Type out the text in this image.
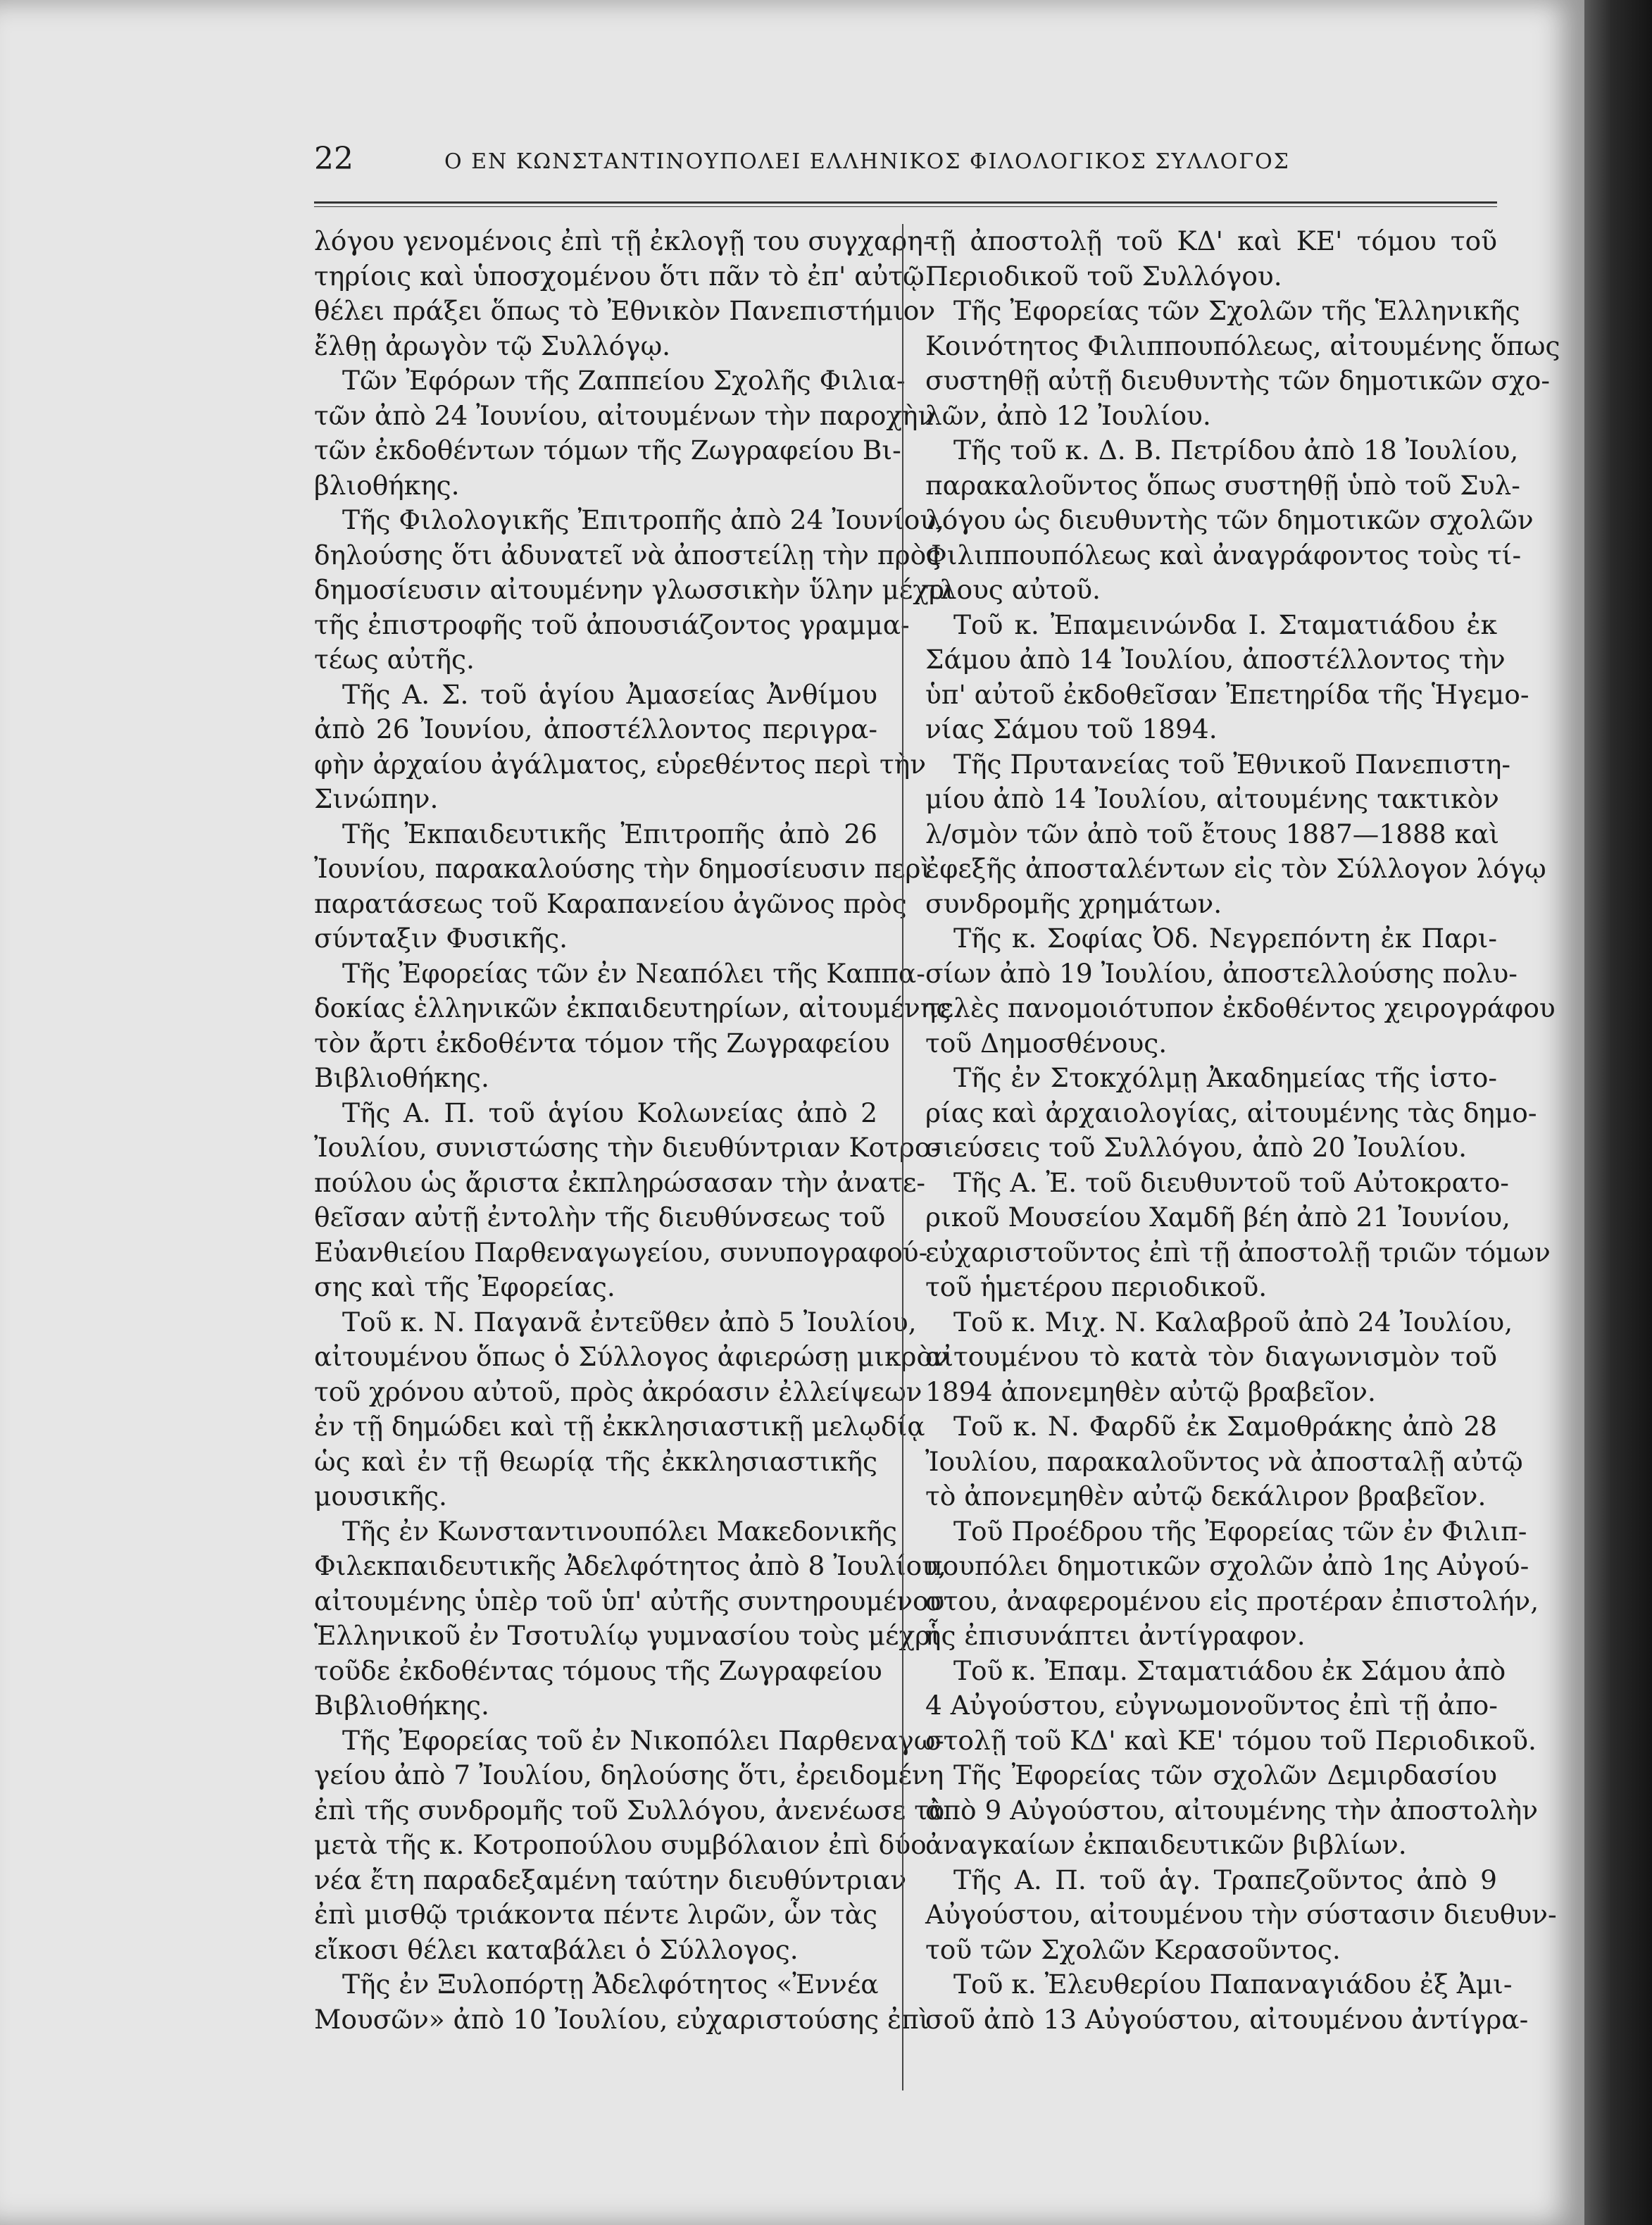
22	Ο ΕΝ ΚΩΝΣΤΑΝΤΙΝΟΥΠΟΛΕΙ ΕΛΛΗΝΙΚΟΣ ΦΙΛΟΛΟΓΙΚΟΣ ΣΥΛΛΟΓΟΣ
λόγου γενομένοις ἐπὶ τῇ ἐκλογῇ του συγχαρη-
τηρίοις καὶ ὑποσχομένου ὅτι πᾶν τὸ ἐπ' αὐτῷ
θέλει πράξει ὅπως τὸ Ἐθνικὸν Πανεπιστήμιον
ἔλθῃ ἀρωγὸν τῷ Συλλόγῳ.
Τῶν Ἐφόρων τῆς Ζαππείου Σχολῆς Φιλια-
τῶν ἀπὸ 24 Ἰουνίου, αἰτουμένων τὴν παροχὴν
τῶν ἐκδοθέντων τόμων τῆς Ζωγραφείου Βι-
βλιοθήκης.
Τῆς Φιλολογικῆς Ἐπιτροπῆς ἀπὸ 24 Ἰουνίου,
δηλούσης ὅτι ἀδυνατεῖ νὰ ἀποστείλῃ τὴν πρὸς
δημοσίευσιν αἰτουμένην γλωσσικὴν ὕλην μέχρι
τῆς ἐπιστροφῆς τοῦ ἀπουσιάζοντος γραμμα-
τέως αὐτῆς.
Τῆς Α. Σ. τοῦ ἁγίου Ἀμασείας Ἀνθίμου
ἀπὸ 26 Ἰουνίου, ἀποστέλλοντος περιγρα-
φὴν ἀρχαίου ἀγάλματος, εὑρεθέντος περὶ τὴν
Σινώπην.
Τῆς Ἐκπαιδευτικῆς Ἐπιτροπῆς ἀπὸ 26
Ἰουνίου, παρακαλούσης τὴν δημοσίευσιν περὶ
παρατάσεως τοῦ Καραπανείου ἀγῶνος πρὸς
σύνταξιν Φυσικῆς.
Τῆς Ἐφορείας τῶν ἐν Νεαπόλει τῆς Καππα-
δοκίας ἑλληνικῶν ἐκπαιδευτηρίων, αἰτουμένης
τὸν ἄρτι ἐκδοθέντα τόμον τῆς Ζωγραφείου
Βιβλιοθήκης.
Τῆς Α. Π. τοῦ ἁγίου Κολωνείας ἀπὸ 2
Ἰουλίου, συνιστώσης τὴν διευθύντριαν Κοτρο-
πούλου ὡς ἄριστα ἐκπληρώσασαν τὴν ἀνατε-
θεῖσαν αὐτῇ ἐντολὴν τῆς διευθύνσεως τοῦ
Εὐανθιείου Παρθεναγωγείου, συνυπογραφού-
σης καὶ τῆς Ἐφορείας.
Τοῦ κ. Ν. Παγανᾶ ἐντεῦθεν ἀπὸ 5 Ἰουλίου,
αἰτουμένου ὅπως ὁ Σύλλογος ἀφιερώσῃ μικρὸν
τοῦ χρόνου αὐτοῦ, πρὸς ἀκρόασιν ἐλλείψεων
ἐν τῇ δημώδει καὶ τῇ ἐκκλησιαστικῇ μελῳδίᾳ
ὡς καὶ ἐν τῇ θεωρίᾳ τῆς ἐκκλησιαστικῆς
μουσικῆς.
Τῆς ἐν Κωνσταντινουπόλει Μακεδονικῆς
Φιλεκπαιδευτικῆς Ἀδελφότητος ἀπὸ 8 Ἰουλίου,
αἰτουμένης ὑπὲρ τοῦ ὑπ' αὐτῆς συντηρουμένου
Ἑλληνικοῦ ἐν Τσοτυλίῳ γυμνασίου τοὺς μέχρι
τοῦδε ἐκδοθέντας τόμους τῆς Ζωγραφείου
Βιβλιοθήκης.
Τῆς Ἐφορείας τοῦ ἐν Νικοπόλει Παρθεναγω-
γείου ἀπὸ 7 Ἰουλίου, δηλούσης ὅτι, ἐρειδομένη
ἐπὶ τῆς συνδρομῆς τοῦ Συλλόγου, ἀνενέωσε τὸ
μετὰ τῆς κ. Κοτροπούλου συμβόλαιον ἐπὶ δύο
νέα ἔτη παραδεξαμένη ταύτην διευθύντριαν
ἐπὶ μισθῷ τριάκοντα πέντε λιρῶν, ὧν τὰς
εἴκοσι θέλει καταβάλει ὁ Σύλλογος.
Τῆς ἐν Ξυλοπόρτῃ Ἀδελφότητος «Ἐννέα
Μουσῶν» ἀπὸ 10 Ἰουλίου, εὐχαριστούσης ἐπὶ
τῇ ἀποστολῇ τοῦ ΚΔ' καὶ ΚΕ' τόμου τοῦ
Περιοδικοῦ τοῦ Συλλόγου.
Τῆς Ἐφορείας τῶν Σχολῶν τῆς Ἑλληνικῆς
Κοινότητος Φιλιππουπόλεως, αἰτουμένης ὅπως
συστηθῇ αὐτῇ διευθυντὴς τῶν δημοτικῶν σχο-
λῶν, ἀπὸ 12 Ἰουλίου.
Τῆς τοῦ κ. Δ. Β. Πετρίδου ἀπὸ 18 Ἰουλίου,
παρακαλοῦντος ὅπως συστηθῇ ὑπὸ τοῦ Συλ-
λόγου ὡς διευθυντὴς τῶν δημοτικῶν σχολῶν
Φιλιππουπόλεως καὶ ἀναγράφοντος τοὺς τί-
τλους αὐτοῦ.
Τοῦ κ. Ἐπαμεινώνδα Ι. Σταματιάδου ἐκ
Σάμου ἀπὸ 14 Ἰουλίου, ἀποστέλλοντος τὴν
ὑπ' αὐτοῦ ἐκδοθεῖσαν Ἐπετηρίδα τῆς Ἡγεμο-
νίας Σάμου τοῦ 1894.
Τῆς Πρυτανείας τοῦ Ἐθνικοῦ Πανεπιστη-
μίου ἀπὸ 14 Ἰουλίου, αἰτουμένης τακτικὸν
λ/σμὸν τῶν ἀπὸ τοῦ ἔτους 1887—1888 καὶ
ἐφεξῆς ἀποσταλέντων εἰς τὸν Σύλλογον λόγῳ
συνδρομῆς χρημάτων.
Τῆς κ. Σοφίας Ὀδ. Νεγρεπόντη ἐκ Παρι-
σίων ἀπὸ 19 Ἰουλίου, ἀποστελλούσης πολυ-
τελὲς πανομοιότυπον ἐκδοθέντος χειρογράφου
τοῦ Δημοσθένους.
Τῆς ἐν Στοκχόλμῃ Ἀκαδημείας τῆς ἱστο-
ρίας καὶ ἀρχαιολογίας, αἰτουμένης τὰς δημο-
σιεύσεις τοῦ Συλλόγου, ἀπὸ 20 Ἰουλίου.
Τῆς Α. Ἐ. τοῦ διευθυντοῦ τοῦ Αὐτοκρατο-
ρικοῦ Μουσείου Χαμδῆ βέη ἀπὸ 21 Ἰουνίου,
εὐχαριστοῦντος ἐπὶ τῇ ἀποστολῇ τριῶν τόμων
τοῦ ἡμετέρου περιοδικοῦ.
Τοῦ κ. Μιχ. Ν. Καλαβροῦ ἀπὸ 24 Ἰουλίου,
αἰτουμένου τὸ κατὰ τὸν διαγωνισμὸν τοῦ
1894 ἀπονεμηθὲν αὐτῷ βραβεῖον.
Τοῦ κ. Ν. Φαρδῦ ἐκ Σαμοθράκης ἀπὸ 28
Ἰουλίου, παρακαλοῦντος νὰ ἀποσταλῇ αὐτῷ
τὸ ἀπονεμηθὲν αὐτῷ δεκάλιρον βραβεῖον.
Τοῦ Προέδρου τῆς Ἐφορείας τῶν ἐν Φιλιπ-
πουπόλει δημοτικῶν σχολῶν ἀπὸ 1ης Αὐγού-
στου, ἀναφερομένου εἰς προτέραν ἐπιστολήν,
ἧς ἐπισυνάπτει ἀντίγραφον.
Τοῦ κ. Ἐπαμ. Σταματιάδου ἐκ Σάμου ἀπὸ
4 Αὐγούστου, εὐγνωμονοῦντος ἐπὶ τῇ ἀπο-
στολῇ τοῦ ΚΔ' καὶ ΚΕ' τόμου τοῦ Περιοδικοῦ.
Τῆς Ἐφορείας τῶν σχολῶν Δεμιρδασίου
ἀπὸ 9 Αὐγούστου, αἰτουμένης τὴν ἀποστολὴν
ἀναγκαίων ἐκπαιδευτικῶν βιβλίων.
Τῆς Α. Π. τοῦ ἁγ. Τραπεζοῦντος ἀπὸ 9
Αὐγούστου, αἰτουμένου τὴν σύστασιν διευθυν-
τοῦ τῶν Σχολῶν Κερασοῦντος.
Τοῦ κ. Ἐλευθερίου Παπαναγιάδου ἐξ Ἀμι-
σοῦ ἀπὸ 13 Αὐγούστου, αἰτουμένου ἀντίγρα-
